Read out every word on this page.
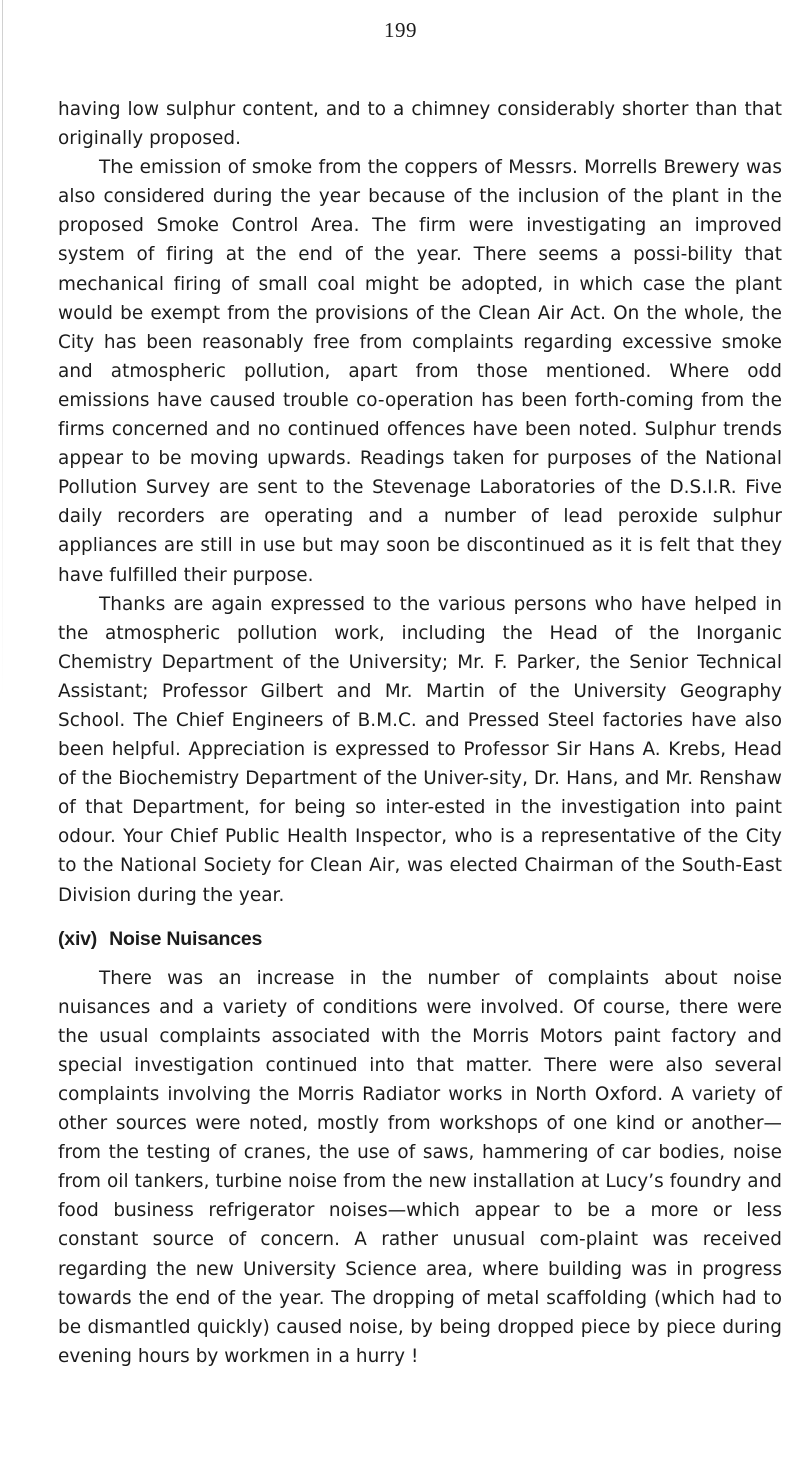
199

having low sulphur content, and to a chimney considerably shorter than that originally proposed.

The emission of smoke from the coppers of Messrs. Morrells Brewery was also considered during the year because of the inclusion of the plant in the proposed Smoke Control Area. The firm were investigating an improved system of firing at the end of the year. There seems a possi-bility that mechanical firing of small coal might be adopted, in which case the plant would be exempt from the provisions of the Clean Air Act. On the whole, the City has been reasonably free from complaints regarding excessive smoke and atmospheric pollution, apart from those mentioned. Where odd emissions have caused trouble co-operation has been forth-coming from the firms concerned and no continued offences have been noted. Sulphur trends appear to be moving upwards. Readings taken for purposes of the National Pollution Survey are sent to the Stevenage Laboratories of the D.S.I.R. Five daily recorders are operating and a number of lead peroxide sulphur appliances are still in use but may soon be discontinued as it is felt that they have fulfilled their purpose.

Thanks are again expressed to the various persons who have helped in the atmospheric pollution work, including the Head of the Inorganic Chemistry Department of the University; Mr. F. Parker, the Senior Technical Assistant; Professor Gilbert and Mr. Martin of the University Geography School. The Chief Engineers of B.M.C. and Pressed Steel factories have also been helpful. Appreciation is expressed to Professor Sir Hans A. Krebs, Head of the Biochemistry Department of the Univer-sity, Dr. Hans, and Mr. Renshaw of that Department, for being so inter-ested in the investigation into paint odour. Your Chief Public Health Inspector, who is a representative of the City to the National Society for Clean Air, was elected Chairman of the South-East Division during the year.

(xiv) Noise Nuisances

There was an increase in the number of complaints about noise nuisances and a variety of conditions were involved. Of course, there were the usual complaints associated with the Morris Motors paint factory and special investigation continued into that matter. There were also several complaints involving the Morris Radiator works in North Oxford. A variety of other sources were noted, mostly from workshops of one kind or another—from the testing of cranes, the use of saws, hammering of car bodies, noise from oil tankers, turbine noise from the new installation at Lucy’s foundry and food business refrigerator noises—which appear to be a more or less constant source of concern. A rather unusual com-plaint was received regarding the new University Science area, where building was in progress towards the end of the year. The dropping of metal scaffolding (which had to be dismantled quickly) caused noise, by being dropped piece by piece during evening hours by workmen in a hurry !
